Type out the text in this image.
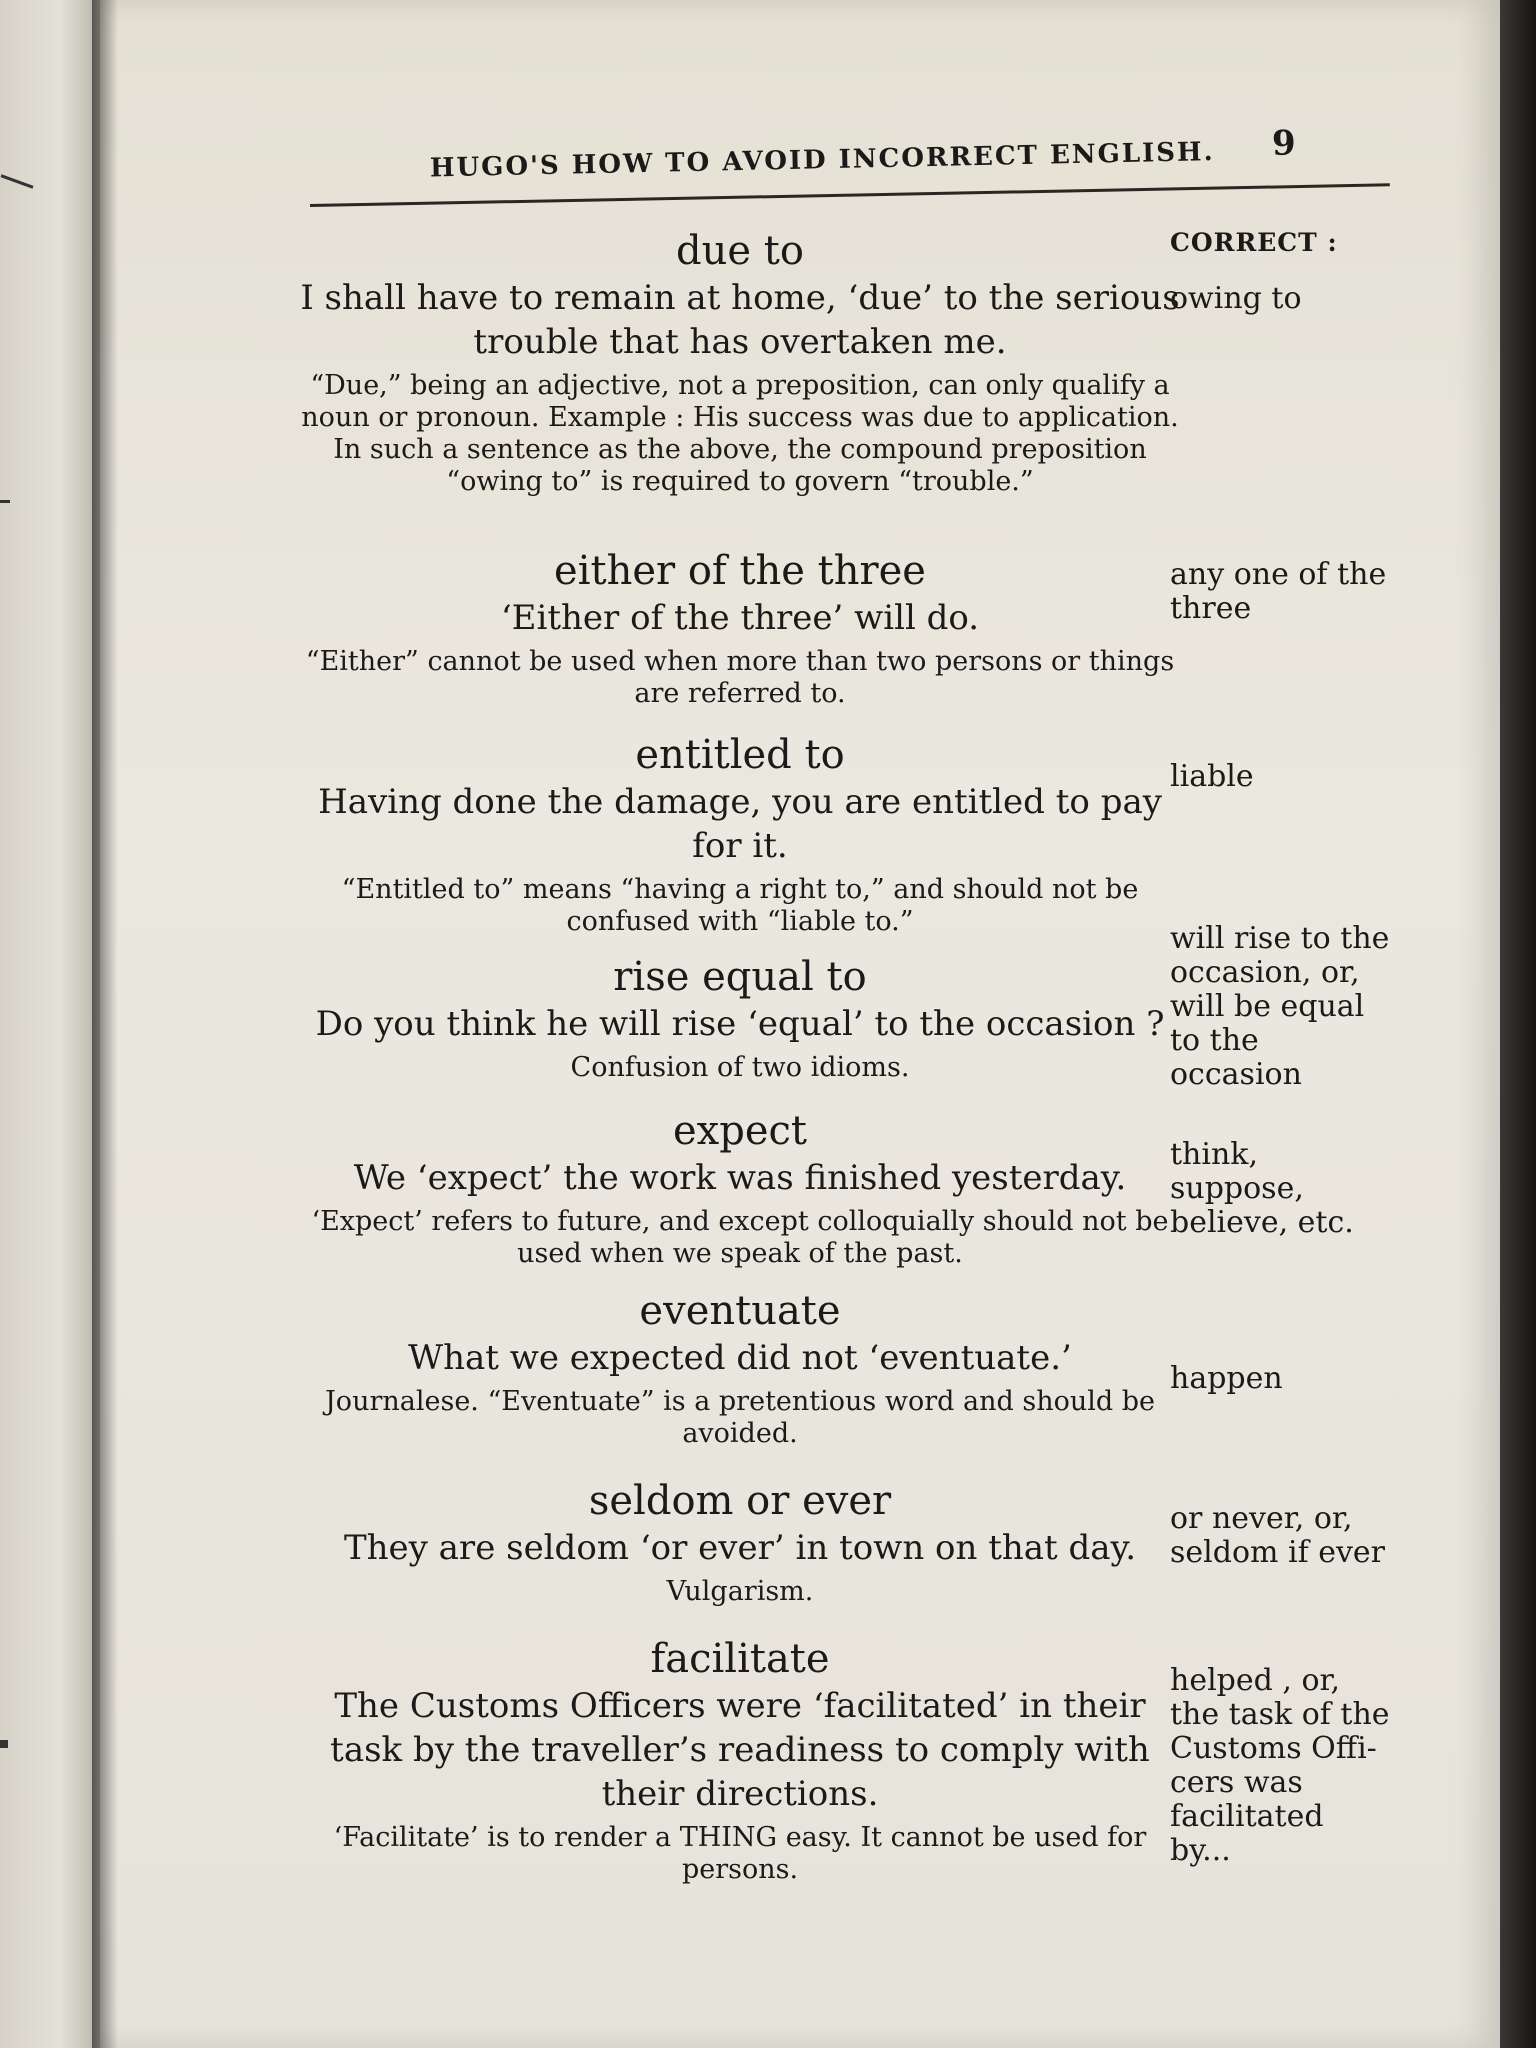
HUGO'S HOW TO AVOID INCORRECT ENGLISH. 9
CORRECT :

due to

I shall have to remain at home, ‘due’ to the serious trouble that has overtaken me.

“Due,” being an adjective, not a preposition, can only qualify a noun or pronoun. Example : His success was due to application. In such a sentence as the above, the compound preposition “owing to” is required to govern “trouble.”

owing to

either of the three

‘Either of the three’ will do.

“Either” cannot be used when more than two persons or things are referred to.

any one of the three

entitled to

Having done the damage, you are entitled to pay for it.

“Entitled to” means “having a right to,” and should not be confused with “liable to.”

liable

rise equal to

Do you think he will rise ‘equal’ to the occasion ?

Confusion of two idioms.

will rise to the occasion, or, will be equal to the occasion

expect

We ‘expect’ the work was finished yesterday.

‘Expect’ refers to future, and except colloquially should not be used when we speak of the past.

think, suppose, believe, etc.

eventuate

What we expected did not ‘eventuate.’

Journalese. “Eventuate” is a pretentious word and should be avoided.

happen

seldom or ever

They are seldom ‘or ever’ in town on that day.

Vulgarism.

or never, or, seldom if ever

facilitate

The Customs Officers were ‘facilitated’ in their task by the traveller’s readiness to comply with their directions.

‘Facilitate’ is to render a THING easy. It cannot be used for persons.

helped , or, the task of the Customs Offi-cers was facilitated by...
